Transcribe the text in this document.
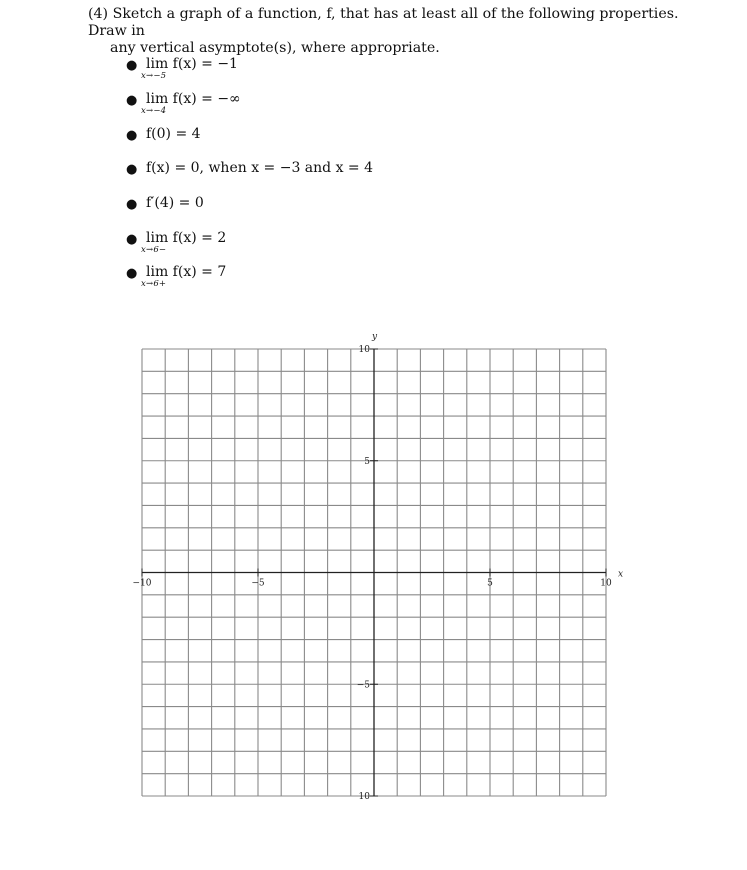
(4) Sketch a graph of a function, f, that has at least all of the following properties. Draw in
any vertical asymptote(s), where appropriate.
● lim f(x) = −1
x→−5
● lim f(x) = −∞
x→−4
● f(0) = 4
● f(x) = 0, when x = −3 and x = 4
● f′(4) = 0
● lim f(x) = 2
x→6−
● lim f(x) = 7
x→6+
−10	−5	5	10
10
5
−5
10
x
y
